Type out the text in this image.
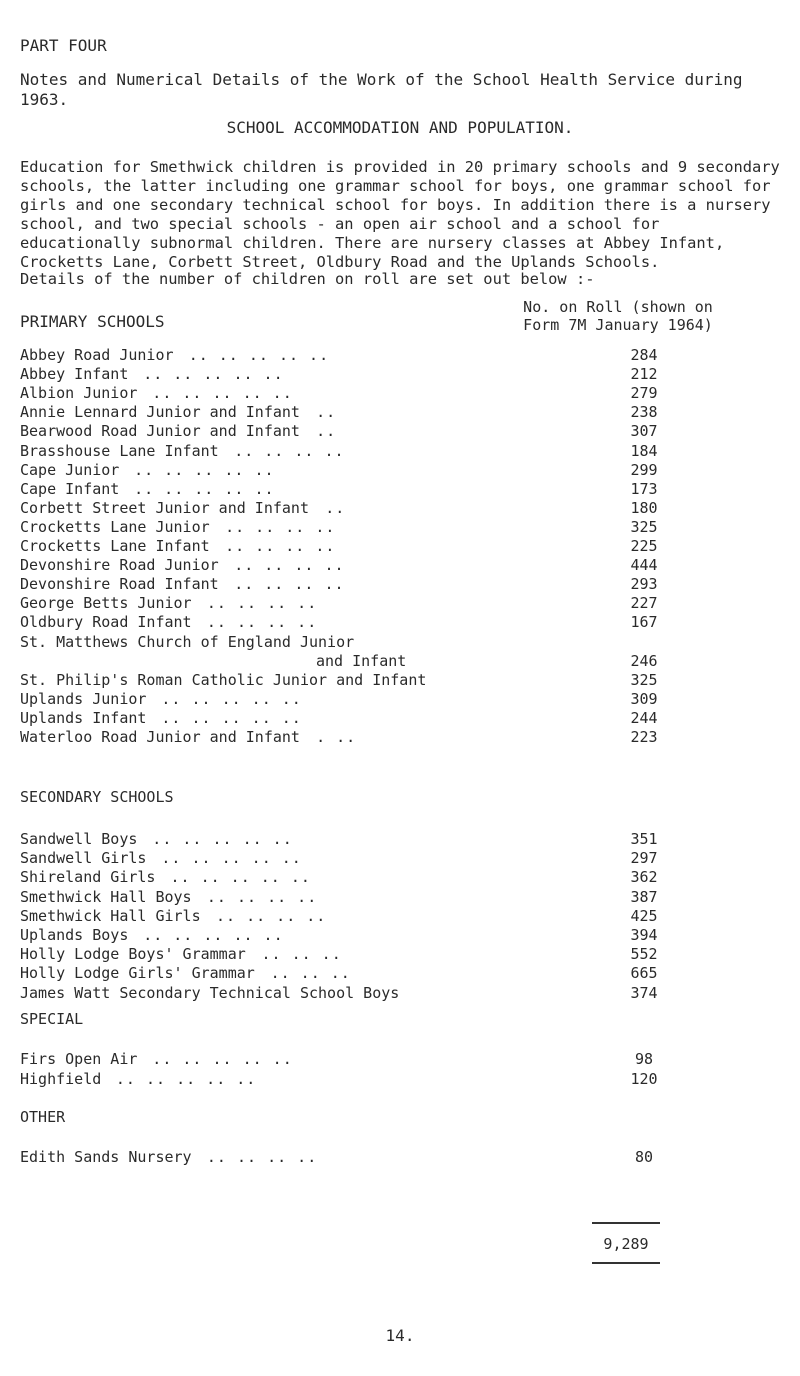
PART FOUR
Notes and Numerical Details of the Work of the School Health Service during 1963.
SCHOOL ACCOMMODATION AND POPULATION.
Education for Smethwick children is provided in 20 primary schools and 9 secondary schools, the latter including one grammar school for boys, one grammar school for girls and one secondary technical school for boys. In addition there is a nursery school, and two special schools - an open air school and a school for educationally subnormal children. There are nursery classes at Abbey Infant, Crocketts Lane, Corbett Street, Oldbury Road and the Uplands Schools.
Details of the number of children on roll are set out below :-
PRIMARY SCHOOLS
No. on Roll (shown on Form 7M January 1964)
Abbey Road Junior .. .. .. .. ..	284
Abbey Infant .. .. .. .. ..	212
Albion Junior .. .. .. .. ..	279
Annie Lennard Junior and Infant ..	238
Bearwood Road Junior and Infant ..	307
Brasshouse Lane Infant .. .. .. ..	184
Cape Junior .. .. .. .. ..	299
Cape Infant .. .. .. .. ..	173
Corbett Street Junior and Infant ..	180
Crocketts Lane Junior .. .. .. ..	325
Crocketts Lane Infant .. .. .. ..	225
Devonshire Road Junior .. .. .. ..	444
Devonshire Road Infant .. .. .. ..	293
George Betts Junior .. .. .. ..	227
Oldbury Road Infant .. .. .. ..	167
St. Matthews Church of England Junior
and Infant	246
St. Philip's Roman Catholic Junior and Infant	325
Uplands Junior .. .. .. .. ..	309
Uplands Infant .. .. .. .. ..	244
Waterloo Road Junior and Infant . ..	223
Sandwell Boys .. .. .. .. ..	351
Sandwell Girls .. .. .. .. ..	297
Shireland Girls .. .. .. .. ..	362
Smethwick Hall Boys .. .. .. ..	387
Smethwick Hall Girls .. .. .. ..	425
Uplands Boys .. .. .. .. ..	394
Holly Lodge Boys' Grammar .. .. ..	552
Holly Lodge Girls' Grammar .. .. ..	665
James Watt Secondary Technical School Boys	374
Firs Open Air .. .. .. .. ..	98
Highfield .. .. .. .. ..	120
Edith Sands Nursery .. .. .. ..	80
SECONDARY SCHOOLS
SPECIAL
OTHER
9,289
14.
